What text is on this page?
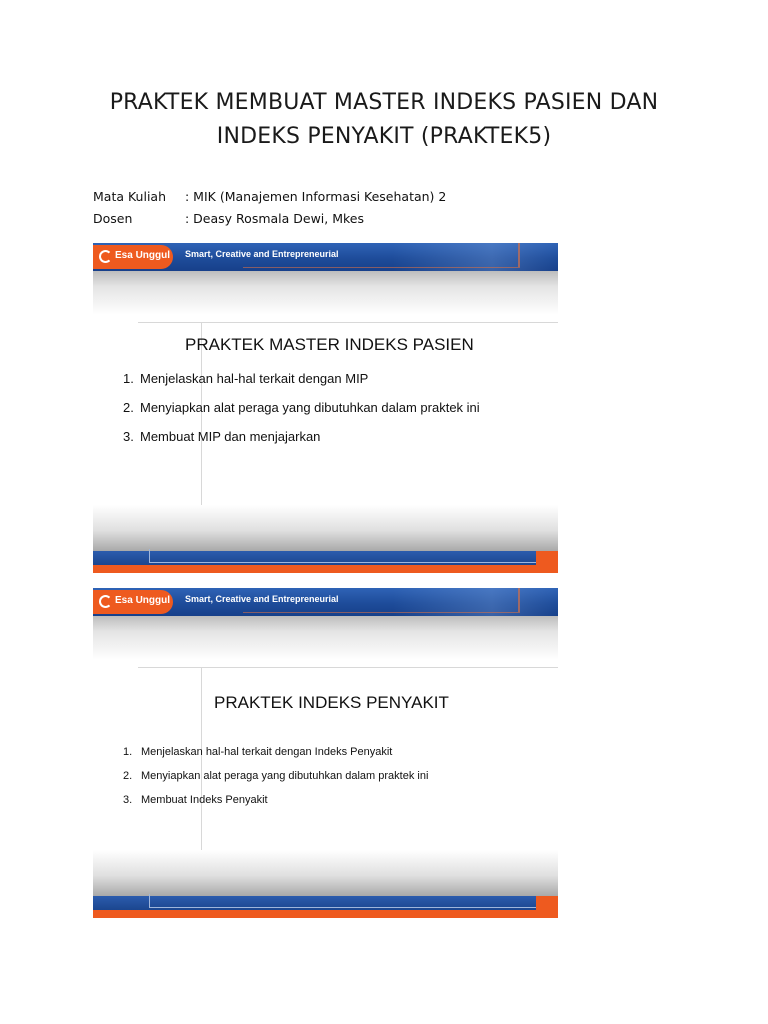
PRAKTEK MEMBUAT MASTER INDEKS PASIEN DAN
INDEKS PENYAKIT (PRAKTEK5)
Mata Kuliah : MIK (Manajemen Informasi Kesehatan) 2
Dosen	: Deasy Rosmala Dewi, Mkes
Esa Unggul Smart, Creative and Entrepreneurial
PRAKTEK MASTER INDEKS PASIEN
1. Menjelaskan hal-hal terkait dengan MIP
2. Menyiapkan alat peraga yang dibutuhkan dalam praktek ini
3. Membuat MIP dan menjajarkan
Esa Unggul Smart, Creative and Entrepreneurial
PRAKTEK INDEKS PENYAKIT
1. Menjelaskan hal-hal terkait dengan Indeks Penyakit
2. Menyiapkan alat peraga yang dibutuhkan dalam praktek ini
3. Membuat Indeks Penyakit
